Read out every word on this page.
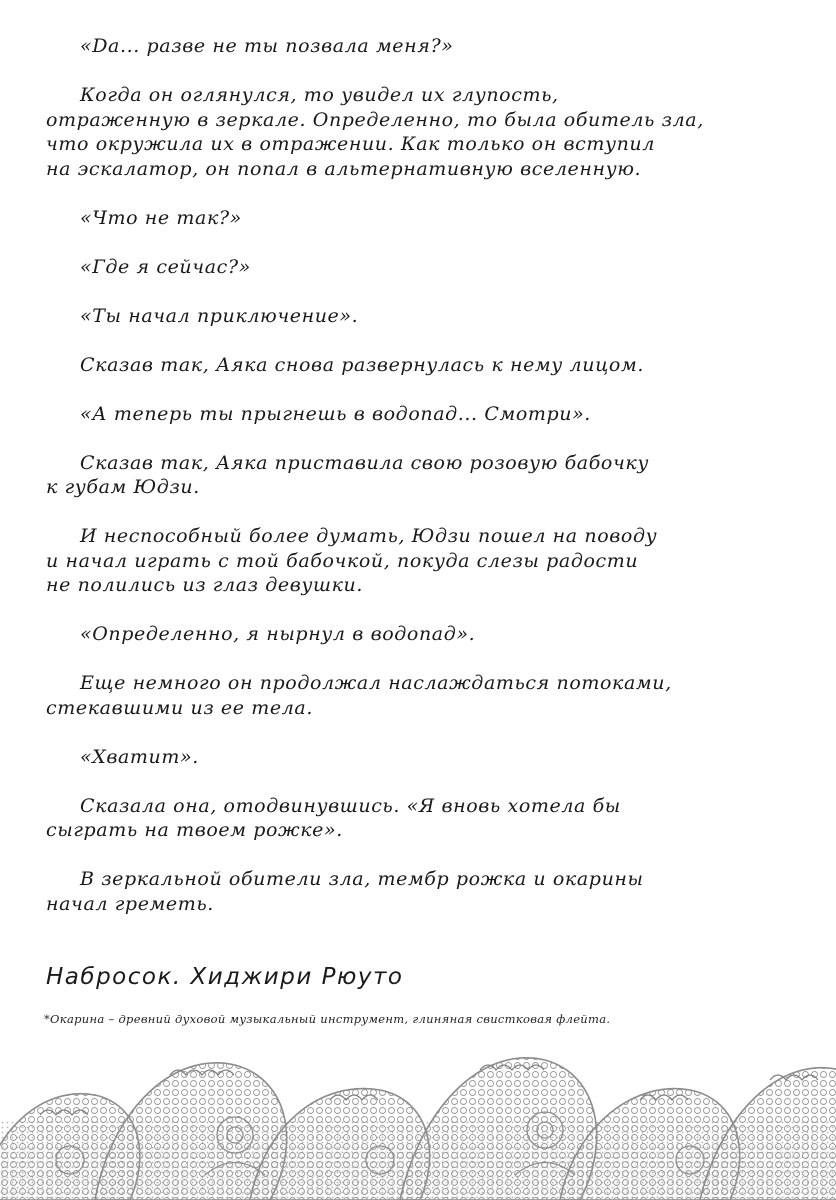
«Da... разве не ты позвала меня?»

Когда он оглянулся, то увидел их глупость,
отраженную в зеркале. Определенно, то была обитель зла,
что окружила их в отражении. Как только он вступил
на эскалатор, он попал в альтернативную вселенную.

«Что не так?»

«Где я сейчас?»

«Ты начал приключение».

Сказав так, Аяка снова развернулась к нему лицом.

«А теперь ты прыгнешь в водопад... Смотри».

Сказав так, Аяка приставила свою розовую бабочку
к губам Юдзи.

И неспособный более думать, Юдзи пошел на поводу
и начал играть с той бабочкой, покуда слезы радости
не полились из глаз девушки.

«Определенно, я нырнул в водопад».

Еще немного он продолжал наслаждаться потоками,
стекавшими из ее тела.

«Хватит».

Сказала она, отодвинувшись. «Я вновь хотела бы
сыграть на твоем рожке».

В зеркальной обители зла, тембр рожка и окарины
начал греметь.

Набросок. Хиджири Рюуто
*Окарина – древний духовой музыкальный инструмент, глиняная свистковая флейта.
